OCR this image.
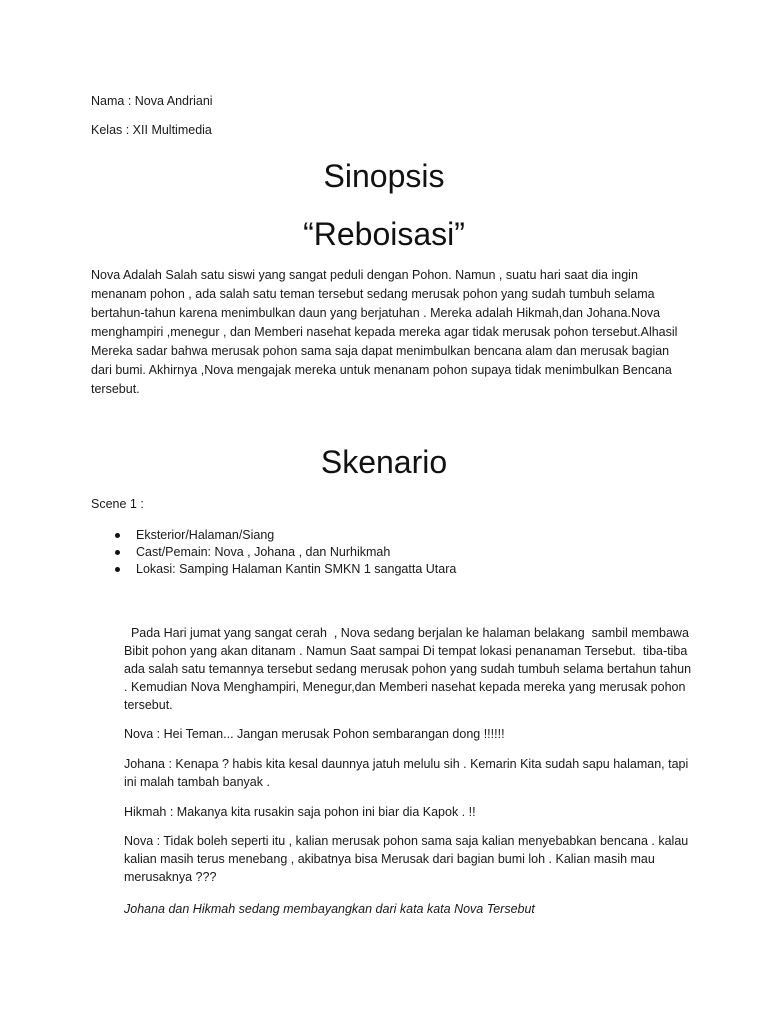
Nama : Nova Andriani
Kelas : XII Multimedia
Sinopsis
“Reboisasi”

Nova Adalah Salah satu siswi yang sangat peduli dengan Pohon. Namun , suatu hari saat dia ingin menanam pohon , ada salah satu teman tersebut sedang merusak pohon yang sudah tumbuh selama bertahun-tahun karena menimbulkan daun yang berjatuhan . Mereka adalah Hikmah,dan Johana.Nova menghampiri ,menegur , dan Memberi nasehat kepada mereka agar tidak merusak pohon tersebut.Alhasil Mereka sadar bahwa merusak pohon sama saja dapat menimbulkan bencana alam dan merusak bagian dari bumi. Akhirnya ,Nova mengajak mereka untuk menanam pohon supaya tidak menimbulkan Bencana tersebut.

Skenario
Scene 1 :
Eksterior/Halaman/Siang
Cast/Pemain: Nova , Johana , dan Nurhikmah
Lokasi: Samping Halaman Kantin SMKN 1 sangatta Utara

Pada Hari jumat yang sangat cerah  , Nova sedang berjalan ke halaman belakang  sambil membawa Bibit pohon yang akan ditanam . Namun Saat sampai Di tempat lokasi penanaman Tersebut.  tiba-tiba ada salah satu temannya tersebut sedang merusak pohon yang sudah tumbuh selama bertahun tahun . Kemudian Nova Menghampiri, Menegur,dan Memberi nasehat kepada mereka yang merusak pohon tersebut.

Nova : Hei Teman... Jangan merusak Pohon sembarangan dong !!!!!!

Johana : Kenapa ? habis kita kesal daunnya jatuh melulu sih . Kemarin Kita sudah sapu halaman, tapi ini malah tambah banyak .

Hikmah : Makanya kita rusakin saja pohon ini biar dia Kapok . !!

Nova : Tidak boleh seperti itu , kalian merusak pohon sama saja kalian menyebabkan bencana . kalau kalian masih terus menebang , akibatnya bisa Merusak dari bagian bumi loh . Kalian masih mau merusaknya ???

Johana dan Hikmah sedang membayangkan dari kata kata Nova Tersebut
